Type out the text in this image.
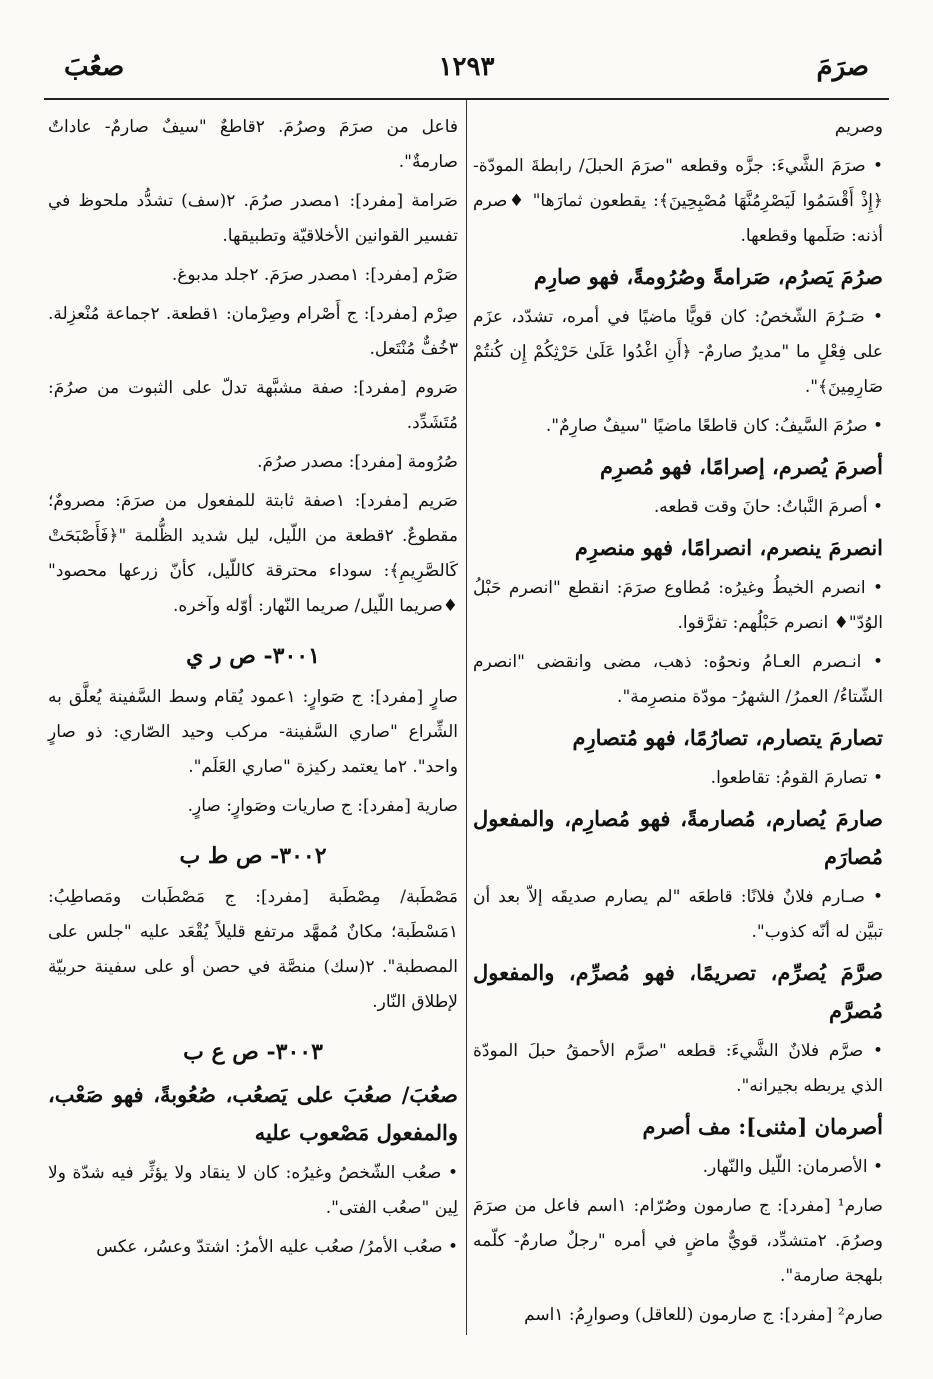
صرَمَ
١٢٩٣
صعُبَ

وصريم

• صرَمَ الشَّيءَ: جزَّه وقطعه "صرَمَ الحبلَ/ رابطةَ المودّة- ﴿إِذْ أَقْسَمُوا لَيَصْرِمُنَّهَا مُصْبِحِينَ﴾: يقطعون ثمارَها" ♦صرم أذنه: صَلَمها وقطعها.

صرُمَ يَصرُم، صَرامةً وصُرُومةً، فهو صارِم

• صَـرُمَ الشّخصُ: كان قويًّا ماضيًا في أمره، تشدّد، عزَم على فِعْلٍ ما "مديرٌ صارمٌ- ﴿أَنِ اغْدُوا عَلَىٰ حَرْثِكُمْ إِن كُنتُمْ صَارِمِينَ﴾".

• صرُمَ السَّيفُ: كان قاطعًا ماضيًا "سيفٌ صارِمٌ".

أصرمَ يُصرم، إصرامًا، فهو مُصرِم

• أصرمَ النَّباتُ: حانَ وقت قطعه.

انصرمَ ينصرم، انصرامًا، فهو منصرِم

• انصرم الخيطُ وغيرُه: مُطاوع صرَمَ: انقطع "انصرم حَبْلُ الوُدّ"♦ انصرم حَبْلُهم: تفرَّقوا.

• انـصرم العـامُ ونحوُه: ذهب، مضى وانقضى "انصرم الشّتاءُ/ العمرُ/ الشهرُ- مودّة منصرِمة".

تصارمَ يتصارم، تصارُمًا، فهو مُتصارِم

• تصارمَ القومُ: تقاطعوا.

صارمَ يُصارم، مُصارمةً، فهو مُصارِم، والمفعول مُصارَم

• صـارم فلانٌ فلانًا: قاطعَه "لم يصارم صديقَه إلاّ بعد أن تبيَّن له أنّه كذوب".

صرَّمَ يُصرِّم، تصريمًا، فهو مُصرِّم، والمفعول مُصرَّم

• صرَّم فلانٌ الشَّيءَ: قطعه "صرَّم الأحمقُ حبلَ المودّة الذي يربطه بجيرانه".

أصرمان [مثنى]: مف أصرم

• الأصرمان: اللّيل والنّهار.

صارم¹ [مفرد]: ج صارمون وصُرّام: ١اسم فاعل من صرَمَ وصرُمَ. ٢متشدِّد، قويٌّ ماضٍ في أمره "رجلٌ صارمٌ- كلّمه بلهجة صارمة".

صارم² [مفرد]: ج صارمون (للعاقل) وصوارِمُ: ١اسم

فاعل من صرَمَ وصرُمَ. ٢قاطعٌ "سيفٌ صارمٌ- عاداتٌ صارمةٌ".

صَرامة [مفرد]: ١مصدر صرُمَ. ٢(سف) تشدُّد ملحوظ في تفسير القوانين الأخلاقيّة وتطبيقها.

صَرْم [مفرد]: ١مصدر صرَمَ. ٢جلد مدبوغ.

صِرْم [مفرد]: ج أَصْرام وصِرْمان: ١قطعة. ٢جماعة مُنْعزِلة. ٣خُفٌّ مُنْتَعل.

صَروم [مفرد]: صفة مشبَّهة تدلّ على الثبوت من صرُمَ: مُتَشَدِّد.

صُرُومة [مفرد]: مصدر صرُمَ.

صَريم [مفرد]: ١صفة ثابتة للمفعول من صرَمَ: مصرومٌ؛ مقطوعٌ. ٢قطعة من اللّيل، ليل شديد الظُّلمة "﴿فَأَصْبَحَتْ كَالصَّرِيمِ﴾: سوداء محترقة كاللّيل، كأنّ زرعها محصود" ♦صريما اللّيل/ صريما النّهار: أوّله وآخره.

٣٠٠١- ص ر ي

صارٍ [مفرد]: ج صَوارٍ: ١عمود يُقام وسط السَّفينة يُعلَّق به الشِّراع "صاري السَّفينة- مركب وحيد الصّاري: ذو صارٍ واحد". ٢ما يعتمد ركيزة "صاري العَلَم".

صارية [مفرد]: ج صاريات وصَوارٍ: صارٍ.

٣٠٠٢- ص ط ب

مَصْطَبة/ مِصْطَبة [مفرد]: ج مَصْطَبات ومَصاطِبُ: ١مَسْطَبة؛ مكانٌ مُمهَّد مرتفع قليلاً يُقْعَد عليه "جلس على المصطبة". ٢(سك) منصَّة في حصن أو على سفينة حربيّة لإطلاق النّار.

٣٠٠٣- ص ع ب

صعُبَ/ صعُبَ على يَصعُب، صُعُوبةً، فهو صَعْب، والمفعول مَصْعوب عليه

• صعُب الشّخصُ وغيرُه: كان لا ينقاد ولا يؤثِّر فيه شدّة ولا لِين "صعُب الفتى".

• صعُب الأمرُ/ صعُب عليه الأمرُ: اشتدّ وعسُر، عكس
